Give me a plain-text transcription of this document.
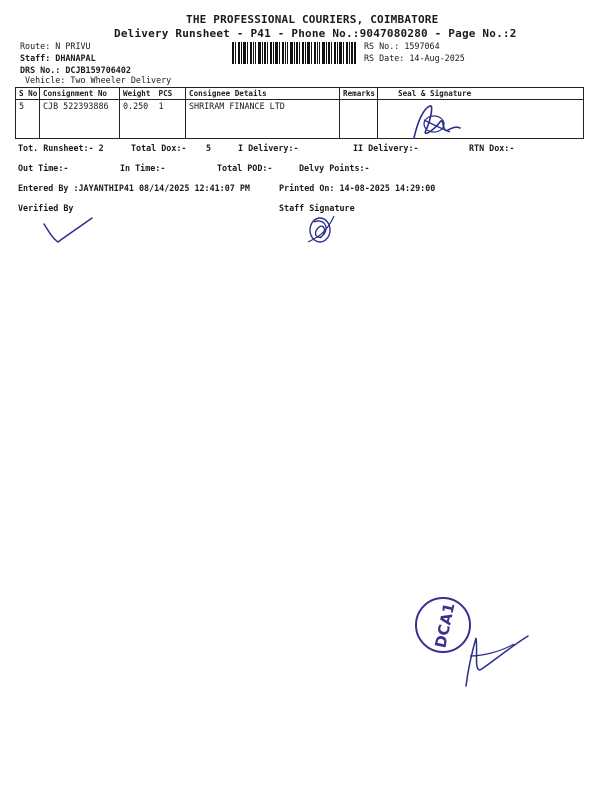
THE PROFESSIONAL COURIERS, COIMBATORE
Delivery Runsheet - P41 - Phone No.:9047080280 - Page No.:2
Route: N PRIVU
Staff: DHANAPAL
DRS No.: DCJB159706402
Vehicle: Two Wheeler Delivery
RS No.: 1597064
RS Date: 14-Aug-2025
S No	Consignment No	Weight	PCS	Consignee Details	Remarks	Seal & Signature
5	CJB 522393886	0.250	1	SHRIRAM FINANCE LTD		
Tot. Runsheet:- 2	Total Dox:- 5	I Delivery:-	II Delivery:-	RTN Dox:-
Out Time:-	In Time:-	Total POD:-	Delvy Points:-
Entered By :JAYANTHIP41 08/14/2025 12:41:07 PM	Printed On: 14-08-2025 14:29:00
Verified By	Staff Signature
DCA1
